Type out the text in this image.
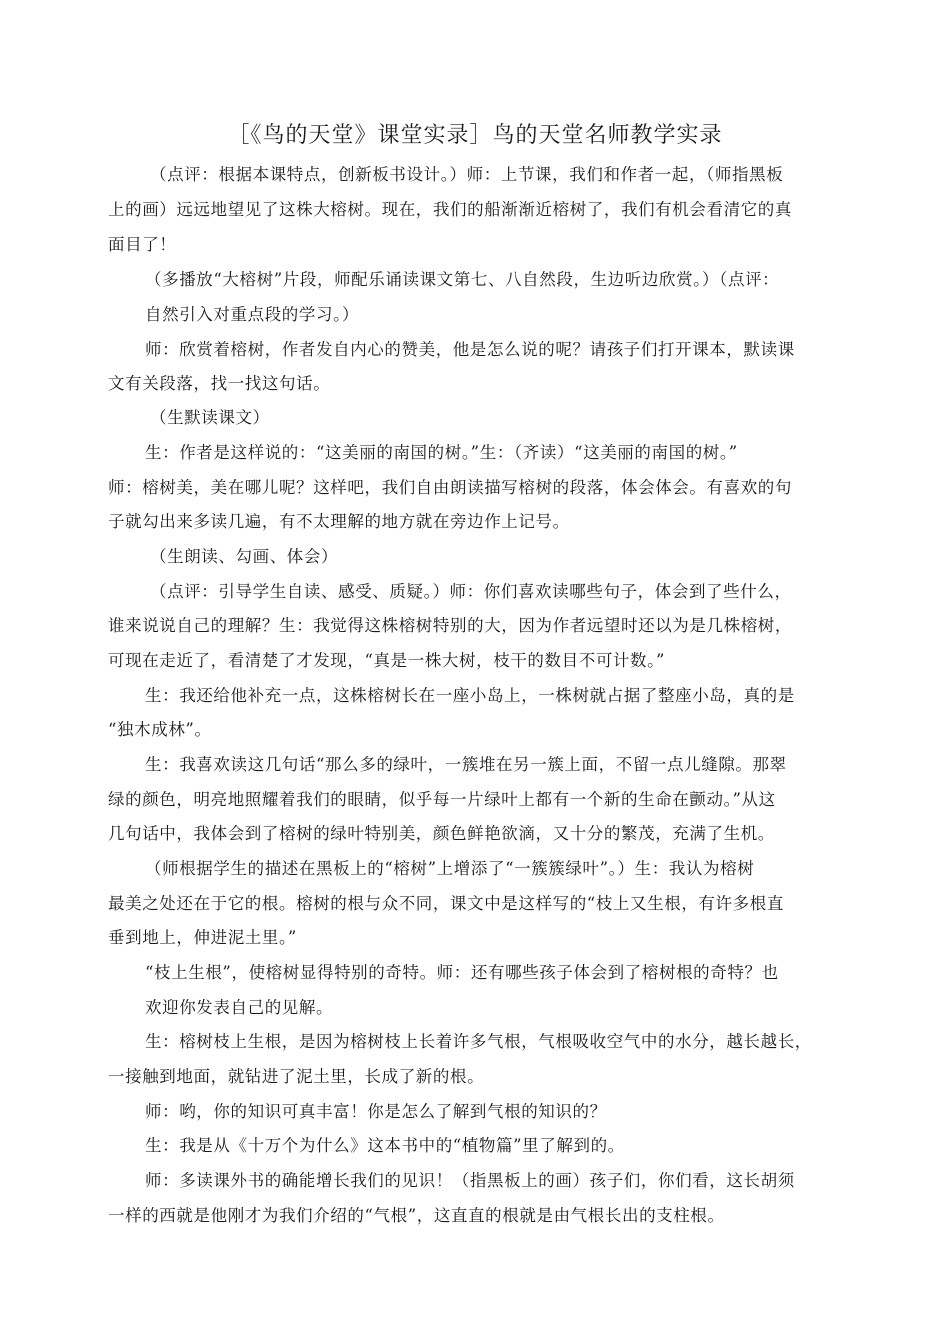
［《鸟的天堂》课堂实录］鸟的天堂名师教学实录
（点评：根据本课特点，创新板书设计。）师：上节课，我们和作者一起，（师指黑板
上的画）远远地望见了这株大榕树。现在，我们的船渐渐近榕树了，我们有机会看清它的真
面目了！
（多播放“大榕树”片段，师配乐诵读课文第七、八自然段，生边听边欣赏。）（点评：
自然引入对重点段的学习。）
师：欣赏着榕树，作者发自内心的赞美，他是怎么说的呢？请孩子们打开课本，默读课
文有关段落，找一找这句话。
（生默读课文）
生：作者是这样说的：“这美丽的南国的树。”生：（齐读）“这美丽的南国的树。”
师：榕树美，美在哪儿呢？这样吧，我们自由朗读描写榕树的段落，体会体会。有喜欢的句
子就勾出来多读几遍，有不太理解的地方就在旁边作上记号。
（生朗读、勾画、体会）
（点评：引导学生自读、感受、质疑。）师：你们喜欢读哪些句子，体会到了些什么，
谁来说说自己的理解？生：我觉得这株榕树特别的大，因为作者远望时还以为是几株榕树，
可现在走近了，看清楚了才发现，“真是一株大树，枝干的数目不可计数。”
生：我还给他补充一点，这株榕树长在一座小岛上，一株树就占据了整座小岛，真的是
“独木成林”。
生：我喜欢读这几句话“那么多的绿叶，一簇堆在另一簇上面，不留一点儿缝隙。那翠
绿的颜色，明亮地照耀着我们的眼睛，似乎每一片绿叶上都有一个新的生命在颤动。”从这
几句话中，我体会到了榕树的绿叶特别美，颜色鲜艳欲滴，又十分的繁茂，充满了生机。
（师根据学生的描述在黑板上的“榕树”上增添了“一簇簇绿叶”。）生：我认为榕树
最美之处还在于它的根。榕树的根与众不同，课文中是这样写的“枝上又生根，有许多根直
垂到地上，伸进泥土里。”
“枝上生根”，使榕树显得特别的奇特。师：还有哪些孩子体会到了榕树根的奇特？也
欢迎你发表自己的见解。
生：榕树枝上生根，是因为榕树枝上长着许多气根，气根吸收空气中的水分，越长越长，
一接触到地面，就钻进了泥土里，长成了新的根。
师：哟，你的知识可真丰富！你是怎么了解到气根的知识的？
生：我是从《十万个为什么》这本书中的“植物篇”里了解到的。
师：多读课外书的确能增长我们的见识！（指黑板上的画）孩子们，你们看，这长胡须
一样的西就是他刚才为我们介绍的“气根”，这直直的根就是由气根长出的支柱根。
